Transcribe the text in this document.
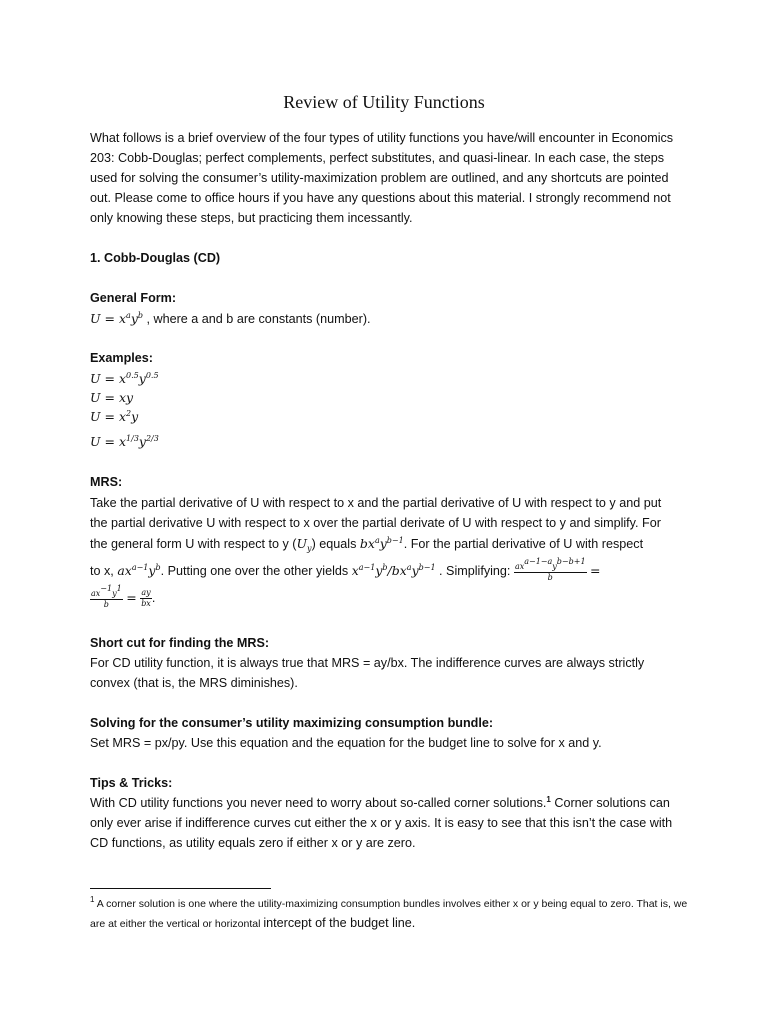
Review of Utility Functions
What follows is a brief overview of the four types of utility functions you have/will encounter in Economics 203: Cobb-Douglas; perfect complements, perfect substitutes, and quasi-linear. In each case, the steps used for solving the consumer’s utility-maximization problem are outlined, and any shortcuts are pointed out. Please come to office hours if you have any questions about this material. I strongly recommend not only knowing these steps, but practicing them incessantly.
1. Cobb-Douglas (CD)
General Form:
$U = x^ay^b$ , where a and b are constants (number).
Examples:
$U = x^{0.5}y^{0.5}$
U = xy
$U = x^2y$
$U = x^{1/3}y^{2/3}$
MRS:
Take the partial derivative of U with respect to x and the partial derivative of U with respect to y and put
the partial derivative U with respect to x over the partial derivate of U with respect to y and simplify. For
the general form U with respect to y $(U_y)$ equals $bx^ay^{b-1}$. For the partial derivative of U with respect
to x, $ax^{a-1}y^b$. Putting one over the other yields $x^{a-1}y^b/bx^ay^{b-1}$ . Simplifying: $\frac{ax^{a-1-a}y^{b-b+1}}{b}$ =
$\frac{ax^{-1}y^1}{b} = \frac{ay}{bx}$ .
Short cut for finding the MRS:
For CD utility function, it is always true that MRS = ay/bx. The indifference curves are always strictly convex (that is, the MRS diminishes).
Solving for the consumer’s utility maximizing consumption bundle:
Set MRS = px/py. Use this equation and the equation for the budget line to solve for x and y.
Tips & Tricks:
With CD utility functions you never need to worry about so-called corner solutions.$^1$ Corner solutions can only ever arise if indifference curves cut either the x or y axis. It is easy to see that this isn’t the case with CD functions, as utility equals zero if either x or y are zero.
$^1$ A corner solution is one where the utility-maximizing consumption bundles involves either x or y being equal to zero. That is, we are at either the vertical or horizontal intercept of the budget line.
